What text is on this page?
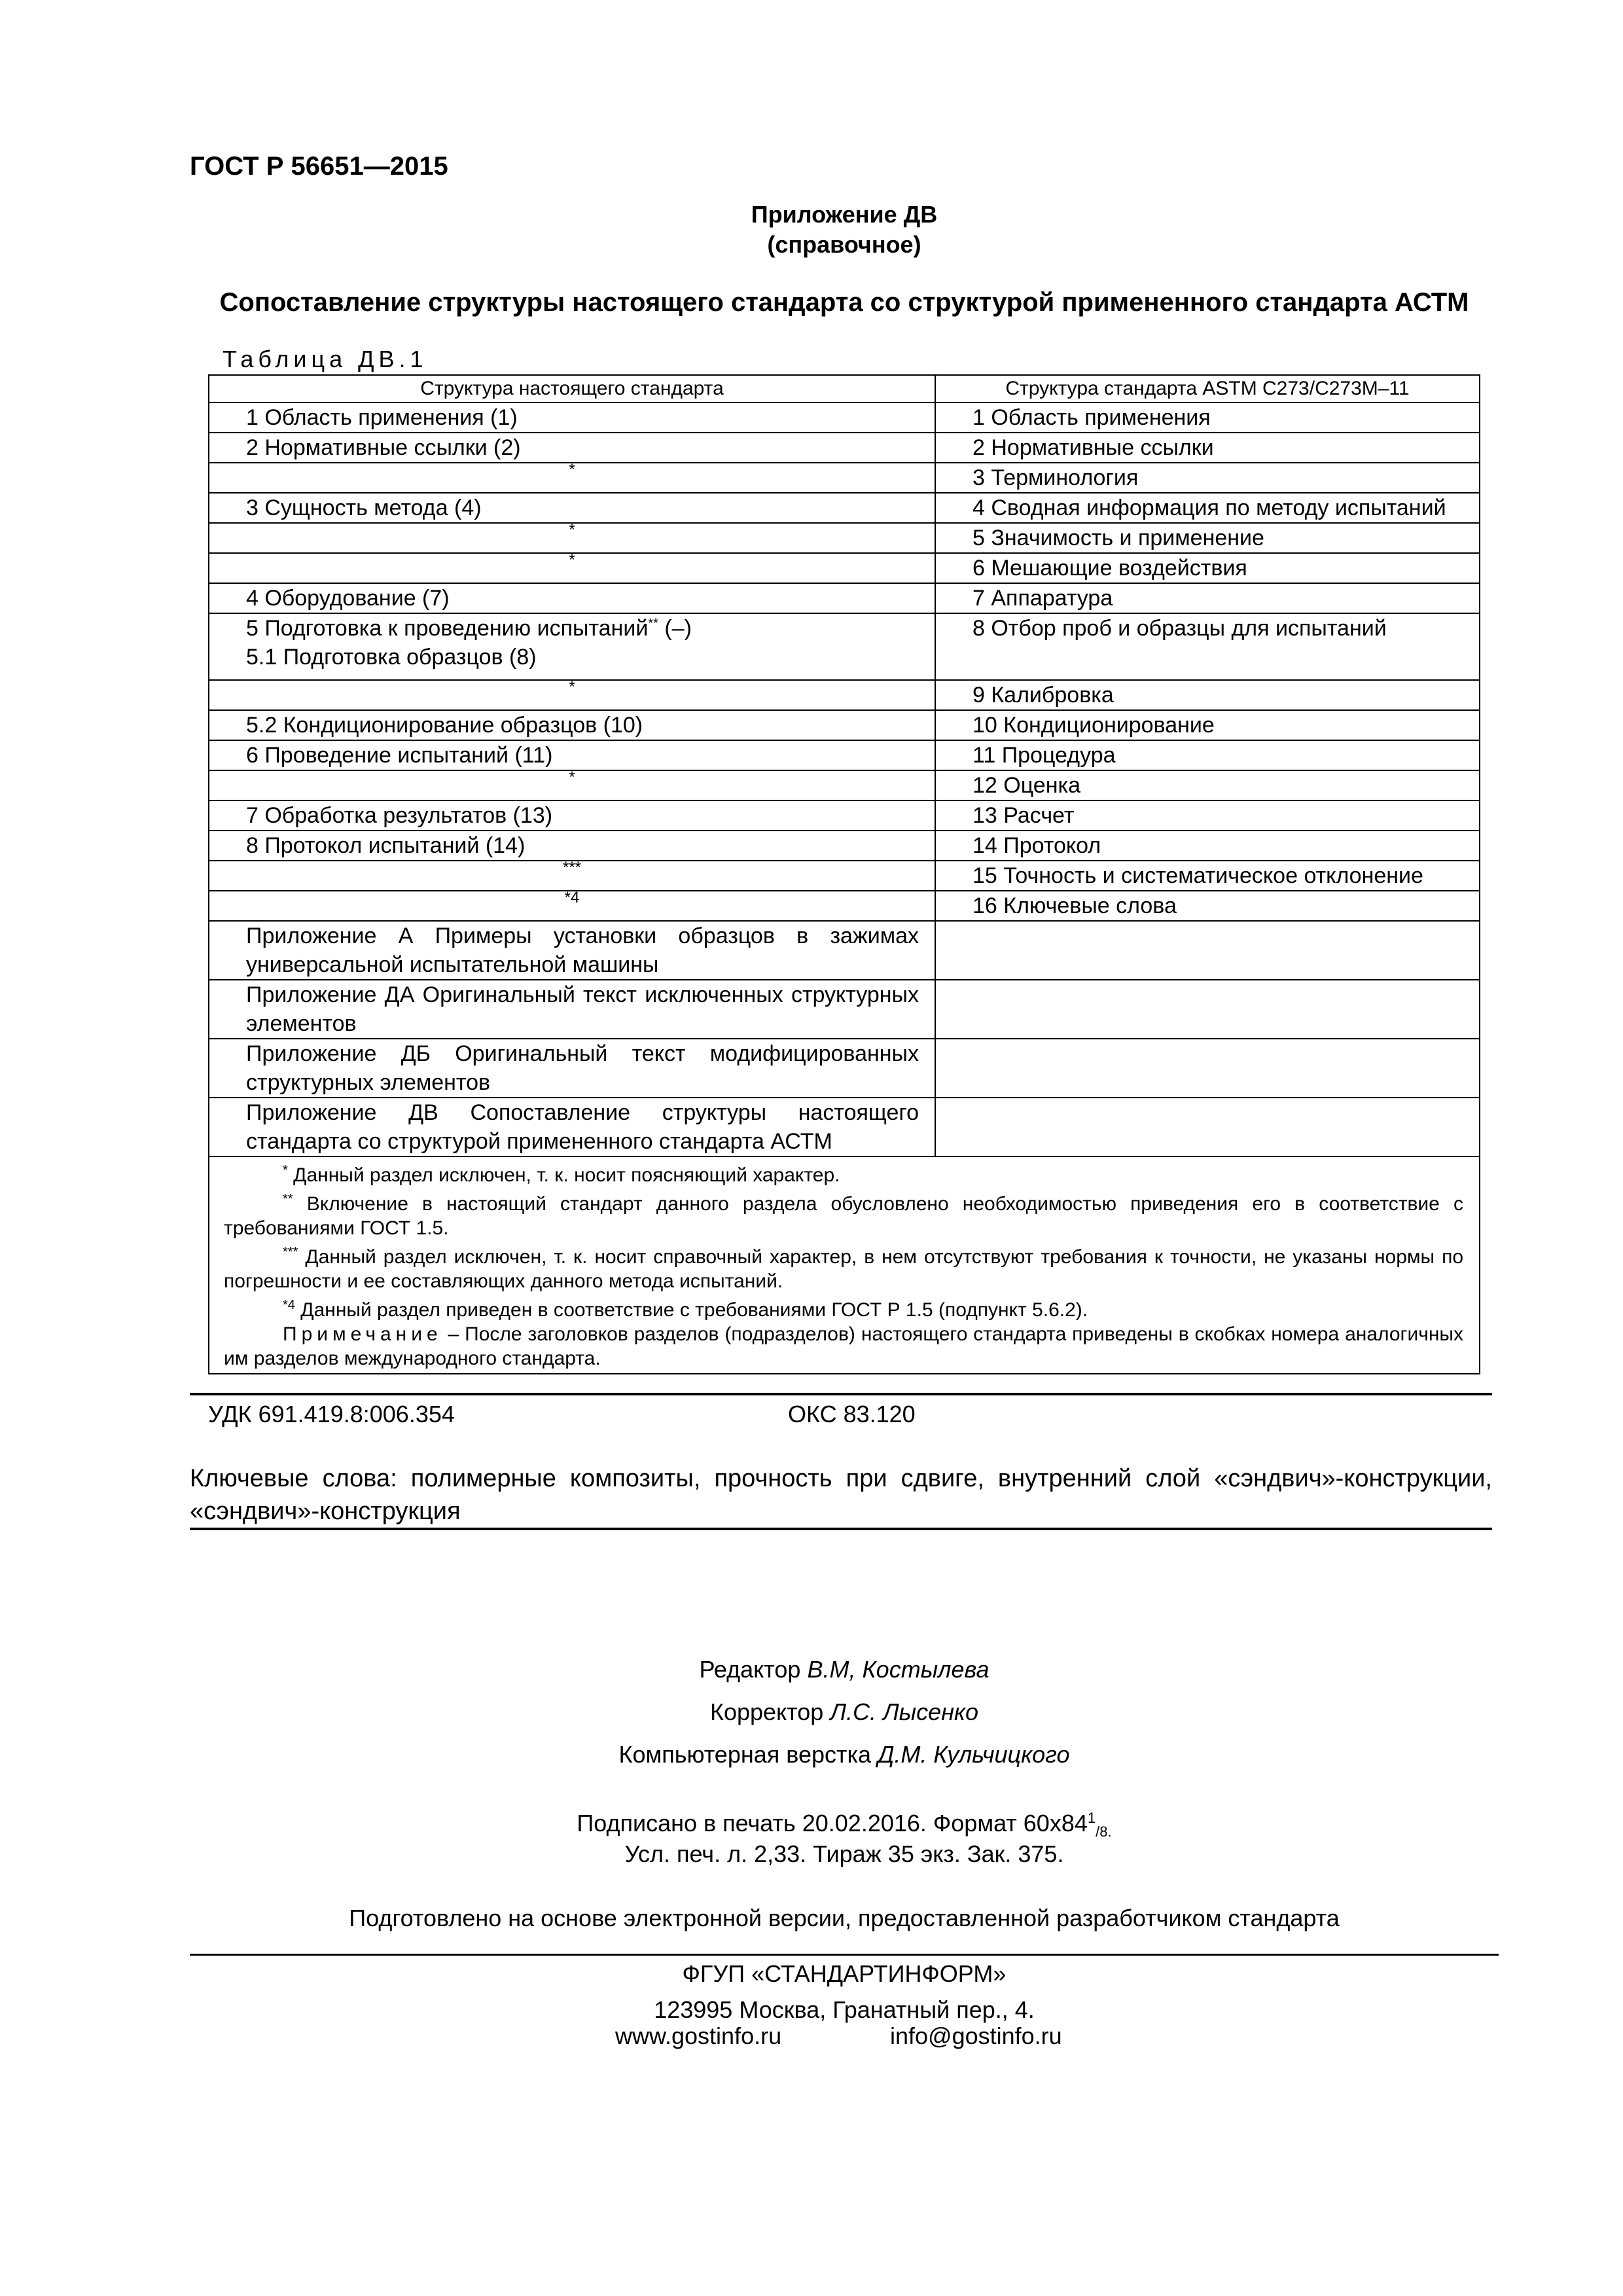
ГОСТ Р 56651—2015
Приложение ДВ
(справочное)
Сопоставление структуры настоящего стандарта со структурой примененного стандарта АСТМ
Таблица ДВ.1
Структура настоящего стандарта	Структура стандарта ASTM C273/C273M–11
1 Область применения (1)	1 Область применения
2 Нормативные ссылки (2)	2 Нормативные ссылки
*	3 Терминология
3 Сущность метода (4)	4 Сводная информация по методу испытаний
*	5 Значимость и применение
*	6 Мешающие воздействия
4 Оборудование (7)	7 Аппаратура

5 Подготовка к проведению испытаний** (–)
5.1 Подготовка образцов (8)	8 Отбор проб и образцы для испытаний
*	9 Калибровка
5.2 Кондиционирование образцов (10)	10 Кондиционирование
6 Проведение испытаний (11)	11 Процедура
*	12 Оценка
7 Обработка результатов (13)	13 Расчет
8 Протокол испытаний (14)	14 Протокол
***	15 Точность и систематическое отклонение
*4	16 Ключевые слова
Приложение А Примеры установки образцов в зажимах универсальной испытательной машины	
Приложение ДА Оригинальный текст исключенных структурных элементов	
Приложение ДБ Оригинальный текст модифицированных структурных элементов	
Приложение ДВ Сопоставление структуры настоящего стандарта со структурой примененного стандарта АСТМ	

* Данный раздел исключен, т. к. носит поясняющий характер.

** Включение в настоящий стандарт данного раздела обусловлено необходимостью приведения его в соответствие с требованиями ГОСТ 1.5.

*** Данный раздел исключен, т. к. носит справочный характер, в нем отсутствуют требования к точности, не указаны нормы по погрешности и ее составляющих данного метода испытаний.

$^{*4}$ Данный раздел приведен в соответствие с требованиями ГОСТ Р 1.5 (подпункт 5.6.2).

Примечание – После заголовков разделов (подразделов) настоящего стандарта приведены в скобках номера аналогичных им разделов международного стандарта.	

УДК 691.419.8:006.354	ОКС 83.120
Ключевые слова: полимерные композиты, прочность при сдвиге, внутренний слой «сэндвич»-конструкции, «сэндвич»-конструкция
Редактор В.М, Костылева
Корректор Л.С. Лысенко
Компьютерная верстка Д.М. Кульчицкого
Подписано в печать 20.02.2016. Формат $60x84^1_{/8.}$
Усл. печ. л. 2,33. Тираж 35 экз. Зак. 375.
Подготовлено на основе электронной версии, предоставленной разработчиком стандарта
ФГУП «СТАНДАРТИНФОРМ»
123995 Москва, Гранатный пер., 4.
www.gostinfo.ru	info@gostinfo.ru
